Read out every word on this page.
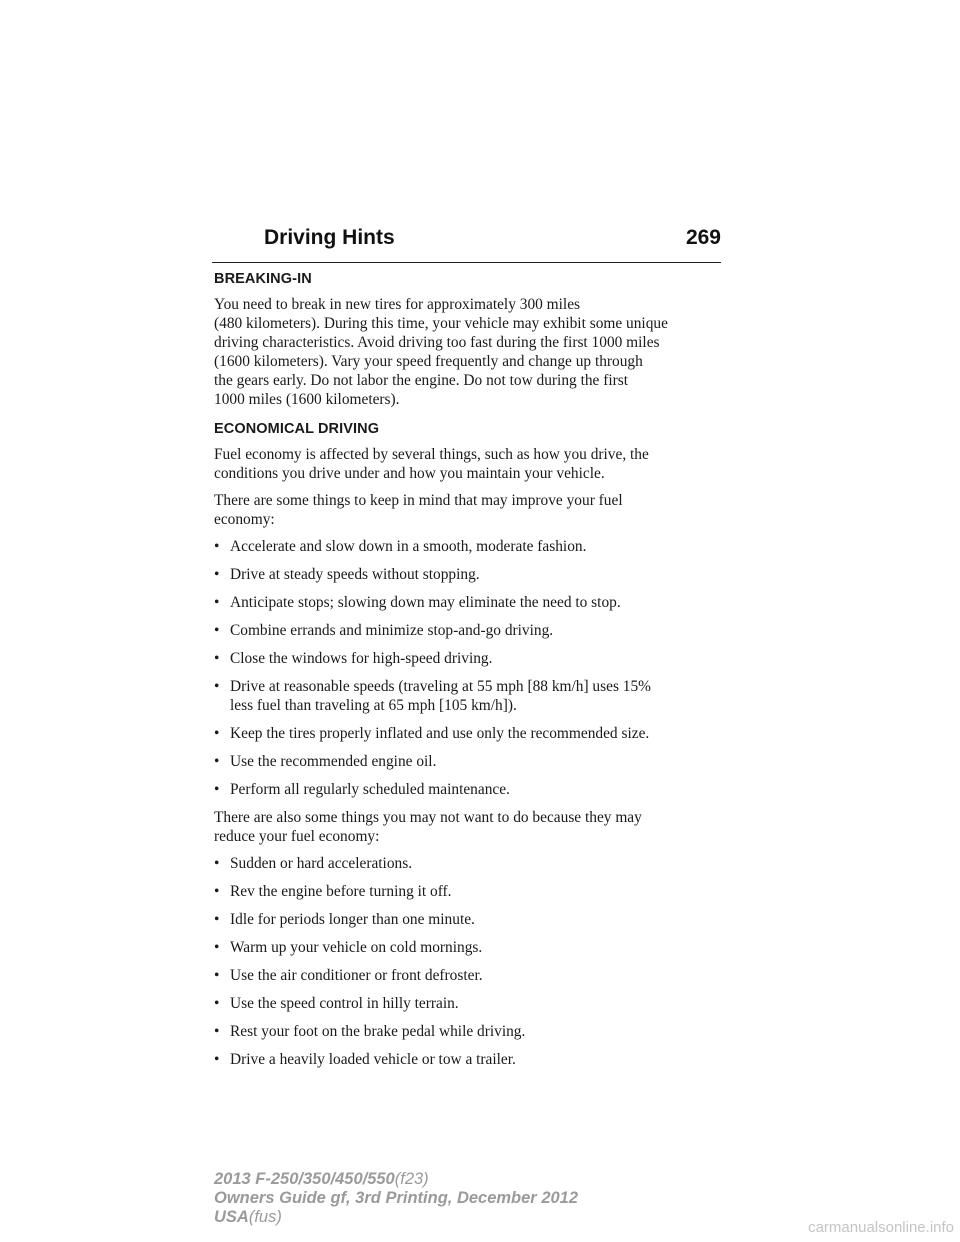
Driving Hints	269
BREAKING-IN
You need to break in new tires for approximately 300 miles
(480 kilometers). During this time, your vehicle may exhibit some unique
driving characteristics. Avoid driving too fast during the first 1000 miles
(1600 kilometers). Vary your speed frequently and change up through
the gears early. Do not labor the engine. Do not tow during the first
1000 miles (1600 kilometers).
ECONOMICAL DRIVING
Fuel economy is affected by several things, such as how you drive, the
conditions you drive under and how you maintain your vehicle.
There are some things to keep in mind that may improve your fuel
economy:
• Accelerate and slow down in a smooth, moderate fashion.
• Drive at steady speeds without stopping.
• Anticipate stops; slowing down may eliminate the need to stop.
• Combine errands and minimize stop-and-go driving.
• Close the windows for high-speed driving.
• Drive at reasonable speeds (traveling at 55 mph [88 km/h] uses 15%
less fuel than traveling at 65 mph [105 km/h]).
• Keep the tires properly inflated and use only the recommended size.
• Use the recommended engine oil.
• Perform all regularly scheduled maintenance.
There are also some things you may not want to do because they may
reduce your fuel economy:
• Sudden or hard accelerations.
• Rev the engine before turning it off.
• Idle for periods longer than one minute.
• Warm up your vehicle on cold mornings.
• Use the air conditioner or front defroster.
• Use the speed control in hilly terrain.
• Rest your foot on the brake pedal while driving.
• Drive a heavily loaded vehicle or tow a trailer.
2013 F-250/350/450/550(f23)
Owners Guide gf, 3rd Printing, December 2012
USA(fus)
carmanualsonline.info
